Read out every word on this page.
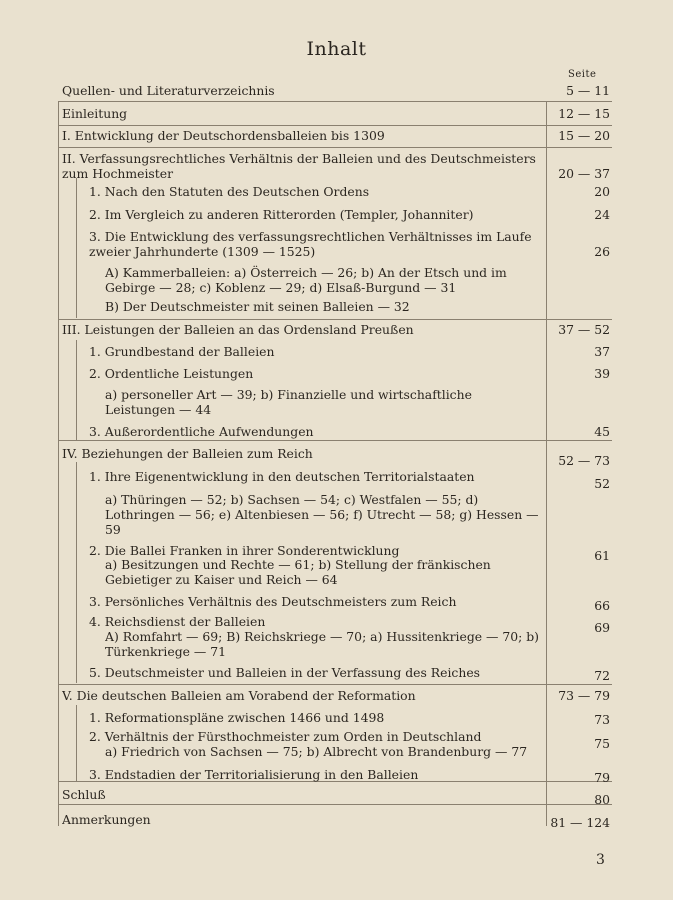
Inhalt
Seite
Quellen- und Literaturverzeichnis	5 — 11
Einleitung	12 — 15
I. Entwicklung der Deutschordensballeien bis 1309	15 — 20
II. Verfassungsrechtliches Verhältnis der Balleien und des Deutschmeisters zum Hochmeister	20 — 37
1. Nach den Statuten des Deutschen Ordens	20
2. Im Vergleich zu anderen Ritterorden (Templer, Johanniter)	24
3. Die Entwicklung des verfassungsrechtlichen Verhältnisses im Laufe zweier Jahrhunderte (1309 — 1525)	26
A) Kammerballeien: a) Österreich — 26; b) An der Etsch und im Gebirge — 28; c) Koblenz — 29; d) Elsaß-Burgund — 31
B) Der Deutschmeister mit seinen Balleien — 32
III. Leistungen der Balleien an das Ordensland Preußen	37 — 52
1. Grundbestand der Balleien	37
2. Ordentliche Leistungen	39
a) personeller Art — 39; b) Finanzielle und wirtschaftliche Leistungen — 44
3. Außerordentliche Aufwendungen	45
IV. Beziehungen der Balleien zum Reich	52 — 73
1. Ihre Eigenentwicklung in den deutschen Territorialstaaten	52
a) Thüringen — 52; b) Sachsen — 54; c) Westfalen — 55; d) Lothringen — 56; e) Altenbiesen — 56; f) Utrecht — 58; g) Hessen — 59
2. Die Ballei Franken in ihrer Sonderentwicklung	61
a) Besitzungen und Rechte — 61; b) Stellung der fränkischen Gebietiger zu Kaiser und Reich — 64
3. Persönliches Verhältnis des Deutschmeisters zum Reich	66
4. Reichsdienst der Balleien	69
A) Romfahrt — 69; B) Reichskriege — 70; a) Hussitenkriege — 70; b) Türkenkriege — 71
5. Deutschmeister und Balleien in der Verfassung des Reiches	72
V. Die deutschen Balleien am Vorabend der Reformation	73 — 79
1. Reformationspläne zwischen 1466 und 1498	73
2. Verhältnis der Fürsthochmeister zum Orden in Deutschland	75
a) Friedrich von Sachsen — 75; b) Albrecht von Brandenburg — 77
3. Endstadien der Territorialisierung in den Balleien	79
Schluß	80
Anmerkungen	81 — 124
3
